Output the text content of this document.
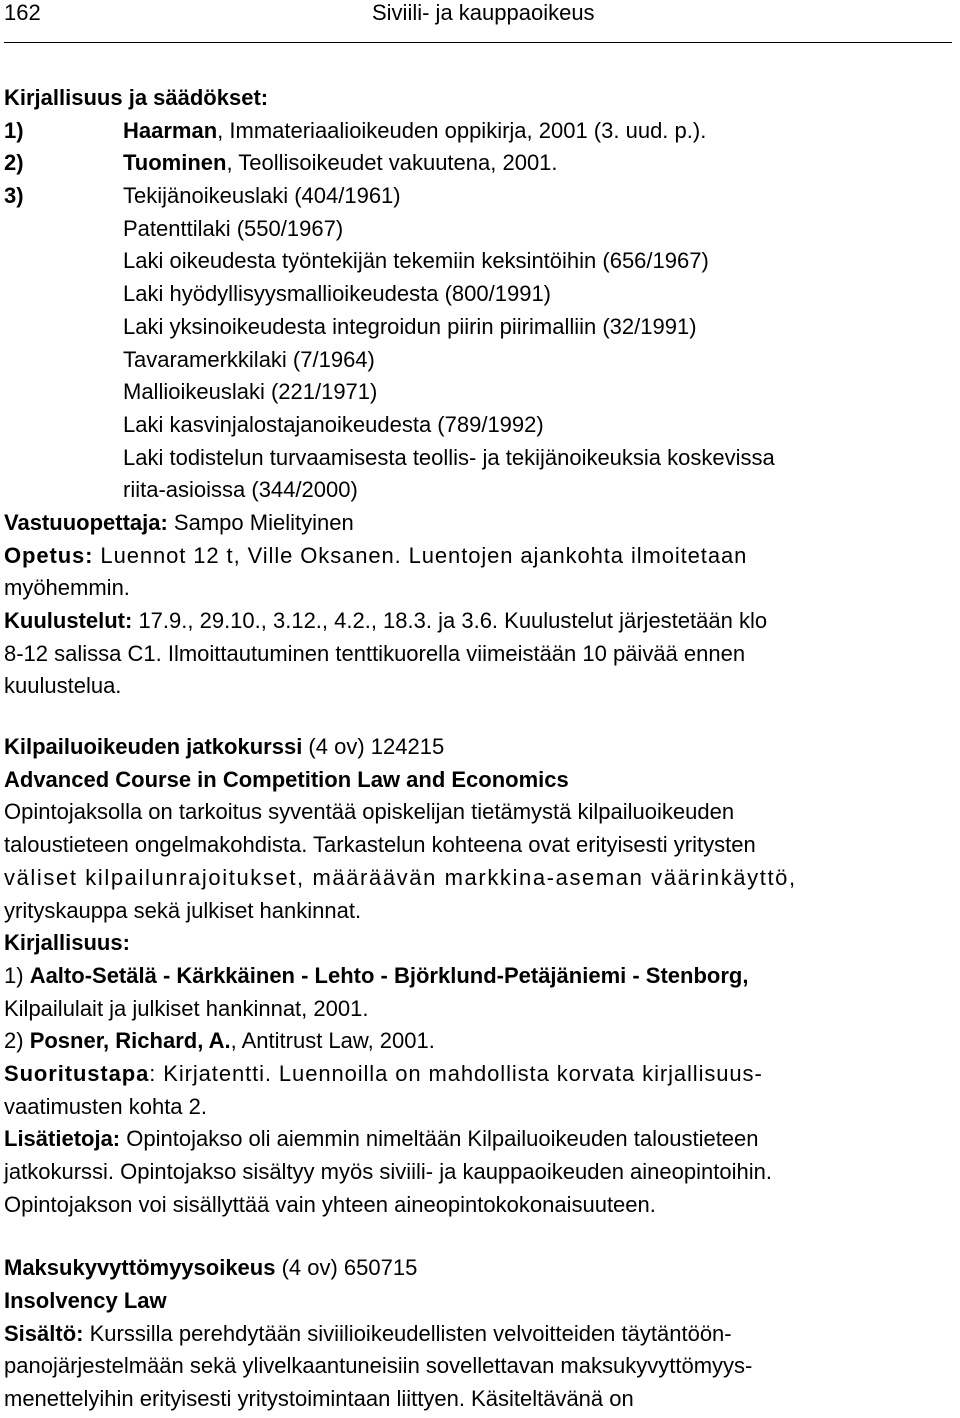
162	Siviili- ja kauppaoikeus
Kirjallisuus ja säädökset:
1)	Haarman, Immateriaalioikeuden oppikirja, 2001 (3. uud. p.).
2)	Tuominen, Teollisoikeudet vakuutena, 2001.
3)	Tekijänoikeuslaki (404/1961)
Patenttilaki (550/1967)
Laki oikeudesta työntekijän tekemiin keksintöihin (656/1967)
Laki hyödyllisyysmallioikeudesta (800/1991)
Laki yksinoikeudesta integroidun piirin piirimalliin (32/1991)
Tavaramerkkilaki (7/1964)
Mallioikeuslaki (221/1971)
Laki kasvinjalostajanoikeudesta (789/1992)
Laki todistelun turvaamisesta teollis- ja tekijänoikeuksia koskevissa
riita-asioissa (344/2000)
Vastuuopettaja: Sampo Mielityinen
Opetus: Luennot 12 t, Ville Oksanen. Luentojen ajankohta ilmoitetaan
myöhemmin.
Kuulustelut: 17.9., 29.10., 3.12., 4.2., 18.3. ja 3.6. Kuulustelut järjestetään klo
8-12 salissa C1. Ilmoittautuminen tenttikuorella viimeistään 10 päivää ennen
kuulustelua.
Kilpailuoikeuden jatkokurssi (4 ov) 124215
Advanced Course in Competition Law and Economics
Opintojaksolla on tarkoitus syventää opiskelijan tietämystä kilpailuoikeuden
taloustieteen ongelmakohdista. Tarkastelun kohteena ovat erityisesti yritysten
väliset kilpailunrajoitukset, määräävän markkina-aseman väärinkäyttö,
yrityskauppa sekä julkiset hankinnat.
Kirjallisuus:
1) Aalto-Setälä - Kärkkäinen - Lehto - Björklund-Petäjäniemi - Stenborg,
Kilpailulait ja julkiset hankinnat, 2001.
2) Posner, Richard, A., Antitrust Law, 2001.
Suoritustapa: Kirjatentti. Luennoilla on mahdollista korvata kirjallisuus-
vaatimusten kohta 2.
Lisätietoja: Opintojakso oli aiemmin nimeltään Kilpailuoikeuden taloustieteen
jatkokurssi. Opintojakso sisältyy myös siviili- ja kauppaoikeuden aineopintoihin.
Opintojakson voi sisällyttää vain yhteen aineopintokokonaisuuteen.
Maksukyvyttömyysoikeus (4 ov) 650715
Insolvency Law
Sisältö: Kurssilla perehdytään siviilioikeudellisten velvoitteiden täytäntöön-
panojärjestelmään sekä ylivelkaantuneisiin sovellettavan maksukyvyttömyys-
menettelyihin erityisesti yritystoimintaan liittyen. Käsiteltävänä on
